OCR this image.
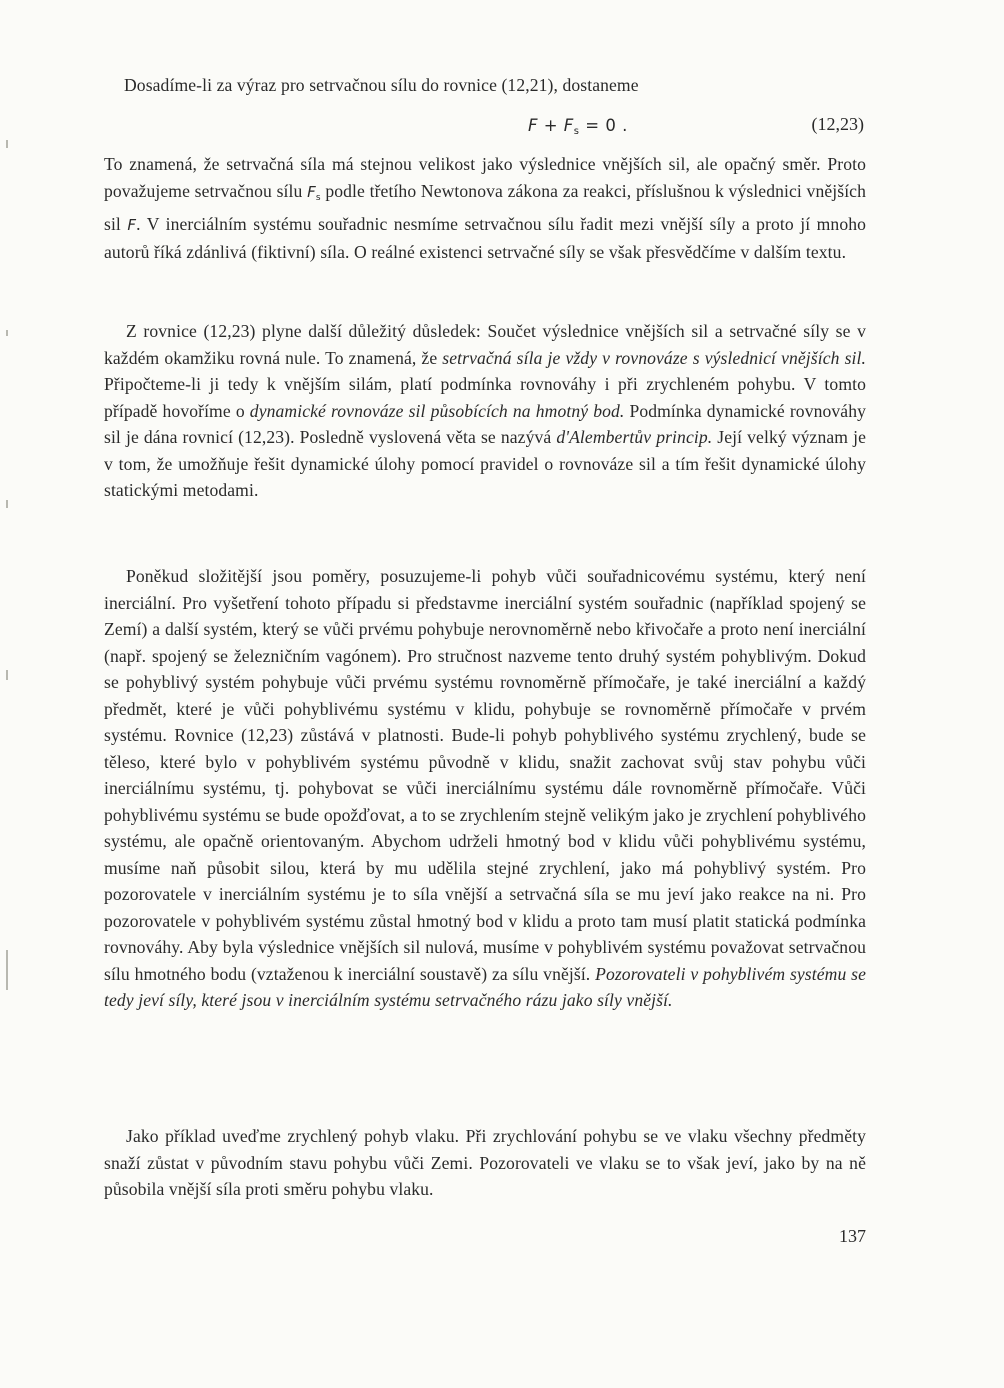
Dosadíme-li za výraz pro setrvačnou sílu do rovnice (12,21), dostaneme
$F + F_s = 0$ .	(12,23)

To znamená, že setrvačná síla má stejnou velikost jako výslednice vnějších sil, ale opačný směr. Proto považujeme setrvačnou sílu $F_s$ podle třetího Newtonova zákona za reakci, příslušnou k výslednici vnějších sil F. V inerciálním systému souřadnic nesmíme setrvačnou sílu řadit mezi vnější síly a proto jí mnoho autorů říká zdánlivá (fiktivní) síla. O reálné existenci setrvačné síly se však přesvědčíme v dalším textu.

Z rovnice (12,23) plyne další důležitý důsledek: Součet výslednice vnějších sil a setrvačné síly se v každém okamžiku rovná nule. To znamená, že setrvačná síla je vždy v rovnováze s výslednicí vnějších sil. Připočteme-li ji tedy k vnějším silám, platí podmínka rovnováhy i při zrychleném pohybu. V tomto případě hovoříme o dynamické rovnováze sil působících na hmotný bod. Podmínka dynamické rovnováhy sil je dána rovnicí (12,23). Posledně vyslovená věta se nazývá d'Alembertův princip. Její velký význam je v tom, že umožňuje řešit dynamické úlohy pomocí pravidel o rovnováze sil a tím řešit dynamické úlohy statickými metodami.

Poněkud složitější jsou poměry, posuzujeme-li pohyb vůči souřadnicovému systému, který není inerciální. Pro vyšetření tohoto případu si představme inerciální systém souřadnic (například spojený se Zemí) a další systém, který se vůči prvému pohybuje nerovnoměrně nebo křivočaře a proto není inerciální (např. spojený se železničním vagónem). Pro stručnost nazveme tento druhý systém pohyblivým. Dokud se pohyblivý systém pohybuje vůči prvému systému rovnoměrně přímočaře, je také inerciální a každý předmět, které je vůči pohyblivému systému v klidu, pohybuje se rovnoměrně přímočaře v prvém systému. Rovnice (12,23) zůstává v platnosti. Bude-li pohyb pohyblivého systému zrychlený, bude se těleso, které bylo v pohyblivém systému původně v klidu, snažit zachovat svůj stav pohybu vůči inerciálnímu systému, tj. pohybovat se vůči inerciálnímu systému dále rovnoměrně přímočaře. Vůči pohyblivému systému se bude opožďovat, a to se zrychlením stejně velikým jako je zrychlení pohyblivého systému, ale opačně orientovaným. Abychom udrželi hmotný bod v klidu vůči pohyblivému systému, musíme naň působit silou, která by mu udělila stejné zrychlení, jako má pohyblivý systém. Pro pozorovatele v inerciálním systému je to síla vnější a setrvačná síla se mu jeví jako reakce na ni. Pro pozorovatele v pohyblivém systému zůstal hmotný bod v klidu a proto tam musí platit statická podmínka rovnováhy. Aby byla výslednice vnějších sil nulová, musíme v pohyblivém systému považovat setrvačnou sílu hmotného bodu (vztaženou k inerciální soustavě) za sílu vnější. Pozorovateli v pohyblivém systému se tedy jeví síly, které jsou v inerciálním systému setrvačného rázu jako síly vnější.

Jako příklad uveďme zrychlený pohyb vlaku. Při zrychlování pohybu se ve vlaku všechny předměty snaží zůstat v původním stavu pohybu vůči Zemi. Pozorovateli ve vlaku se to však jeví, jako by na ně působila vnější síla proti směru pohybu vlaku.

137
